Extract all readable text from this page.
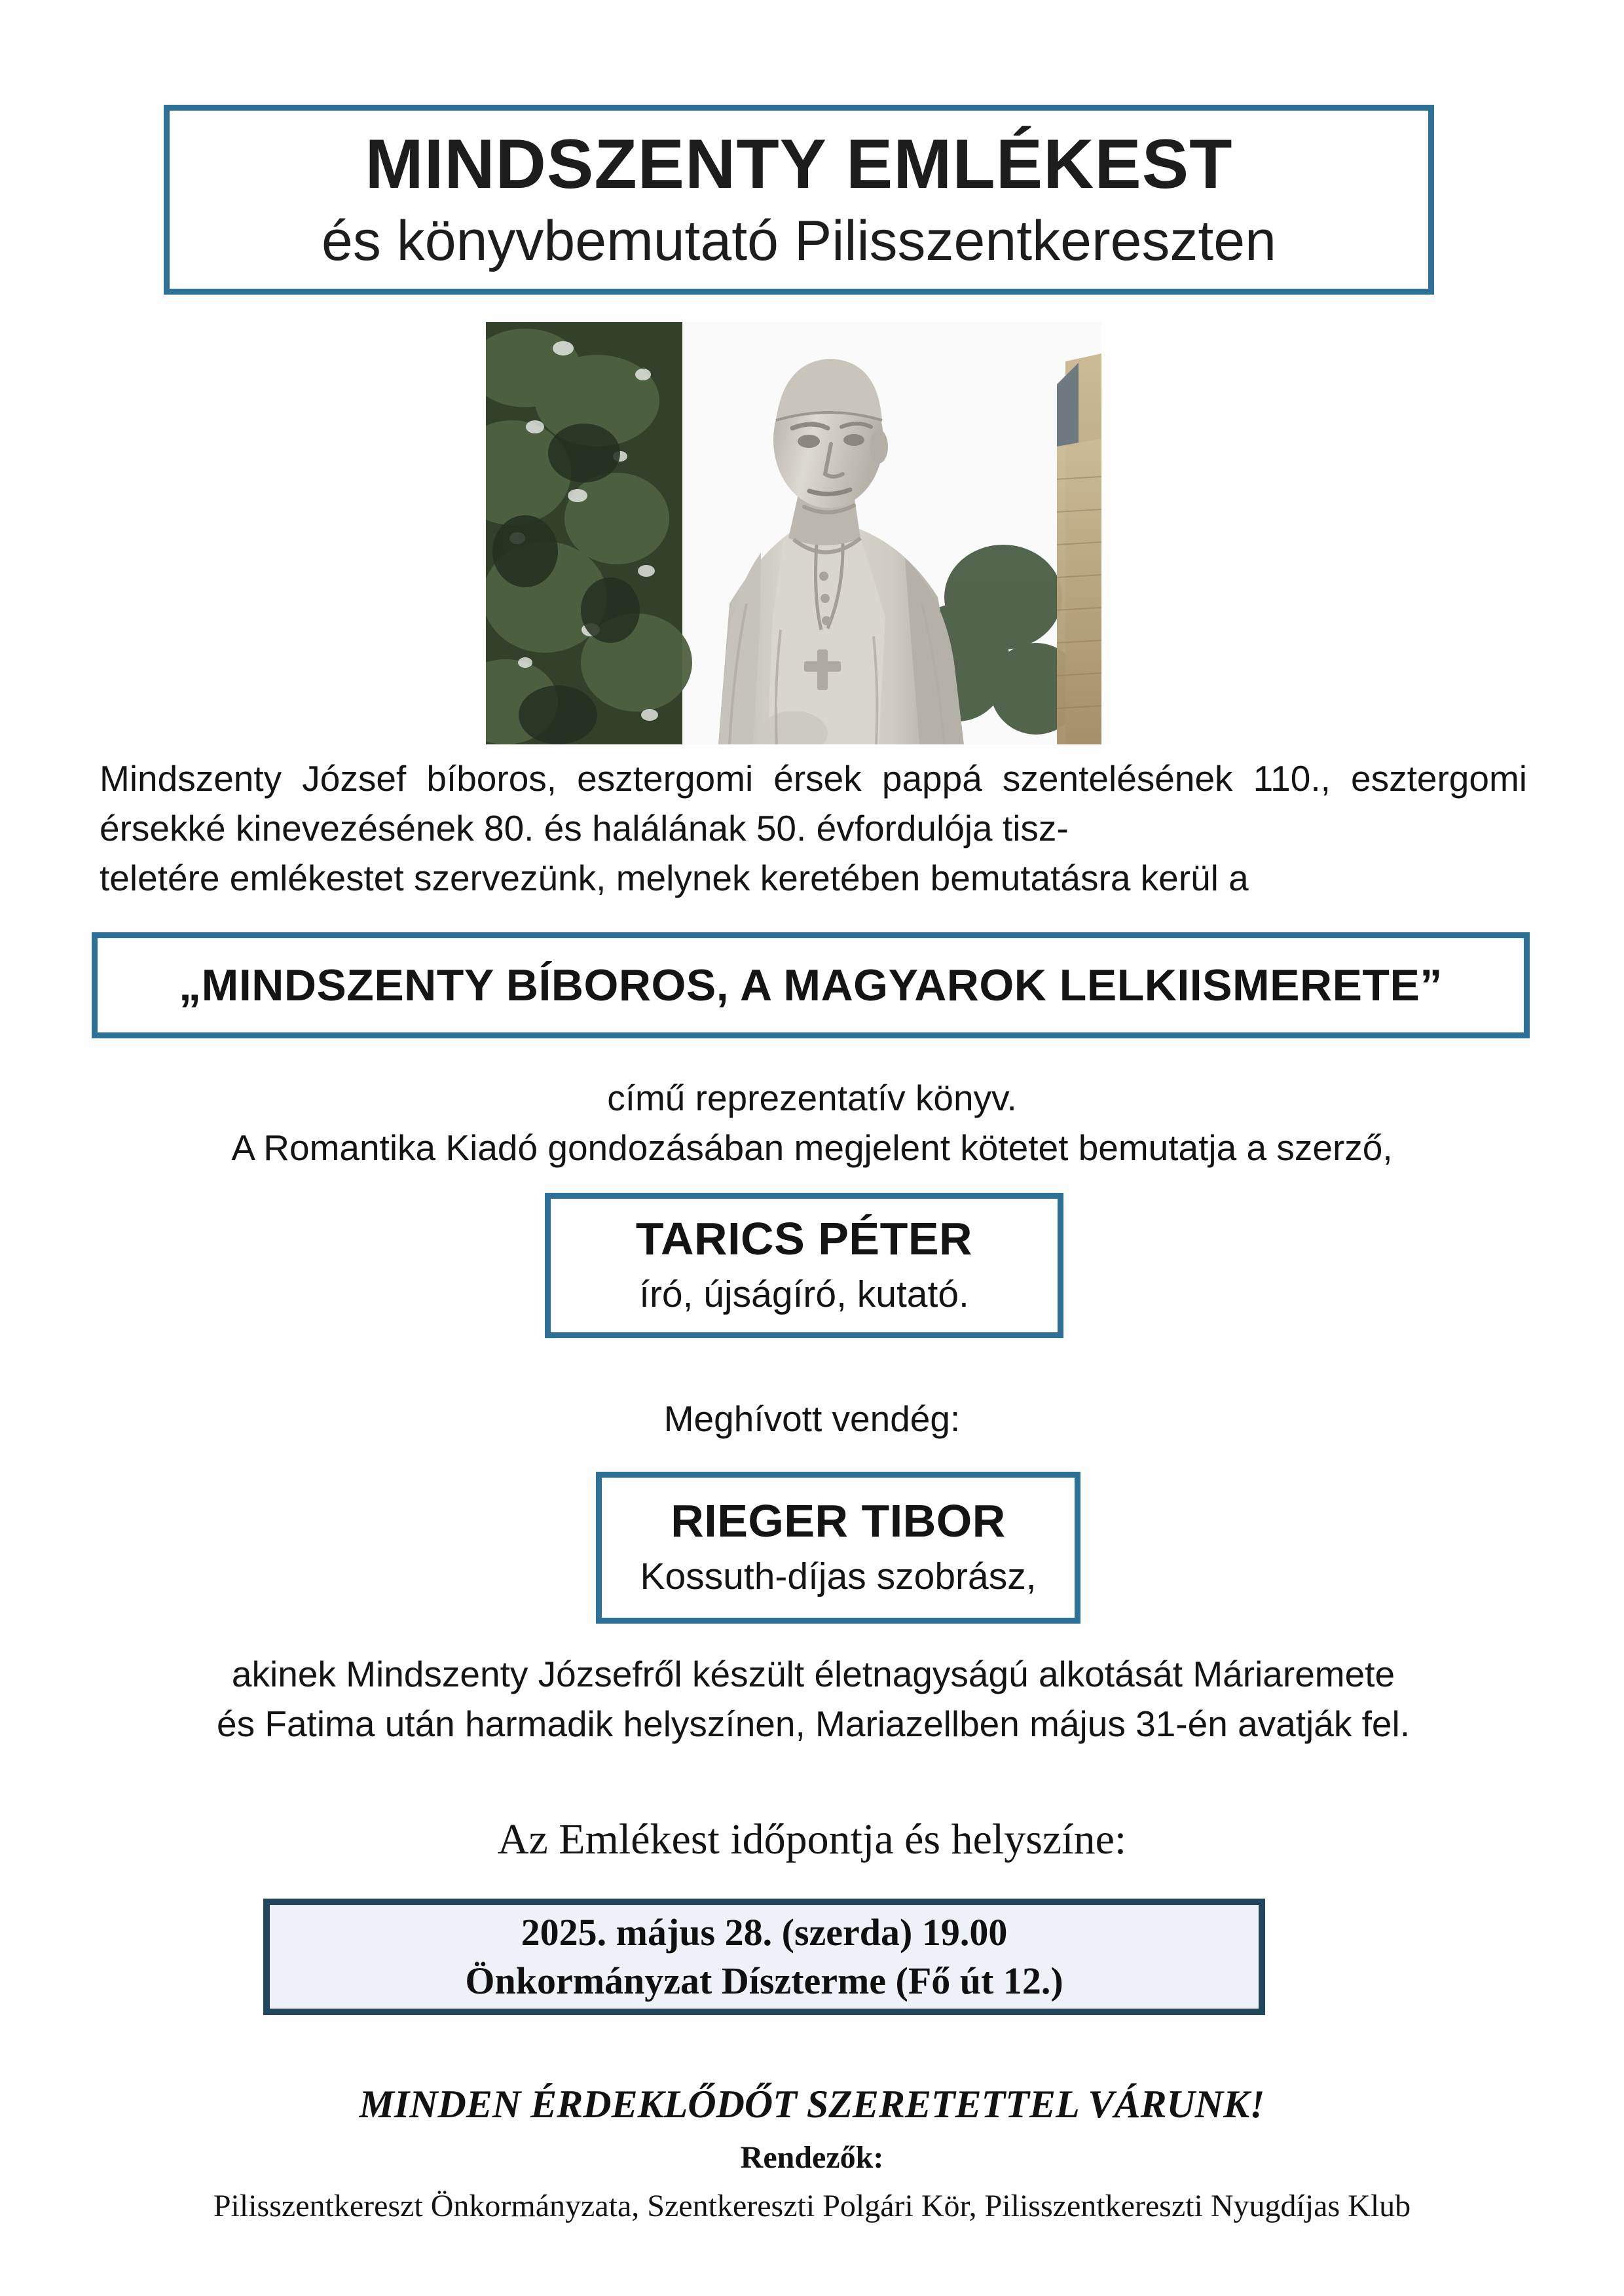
MINDSZENTY EMLÉKEST
és könyvbemutató Pilisszentkereszten
Mindszenty József bíboros, esztergomi érsek pappá szentelésének 110., esztergomi érsekké kinevezésének 80. és halálának 50. évfordulója tisz-
teletére emlékestet szervezünk, melynek keretében bemutatásra kerül a
„MINDSZENTY BÍBOROS, A MAGYAROK LELKIISMERETE”
című reprezentatív könyv.
A Romantika Kiadó gondozásában megjelent kötetet bemutatja a szerző,
TARICS PÉTER
író, újságíró, kutató.
Meghívott vendég:
RIEGER TIBOR
Kossuth-díjas szobrász,
akinek Mindszenty Józsefről készült életnagyságú alkotását Máriaremete
és Fatima után harmadik helyszínen, Mariazellben május 31-én avatják fel.
Az Emlékest időpontja és helyszíne:
2025. május 28. (szerda) 19.00
Önkormányzat Díszterme (Fő út 12.)
MINDEN ÉRDEKLŐDŐT SZERETETTEL VÁRUNK!
Rendezők:
Pilisszentkereszt Önkormányzata, Szentkereszti Polgári Kör, Pilisszentkereszti Nyugdíjas Klub
